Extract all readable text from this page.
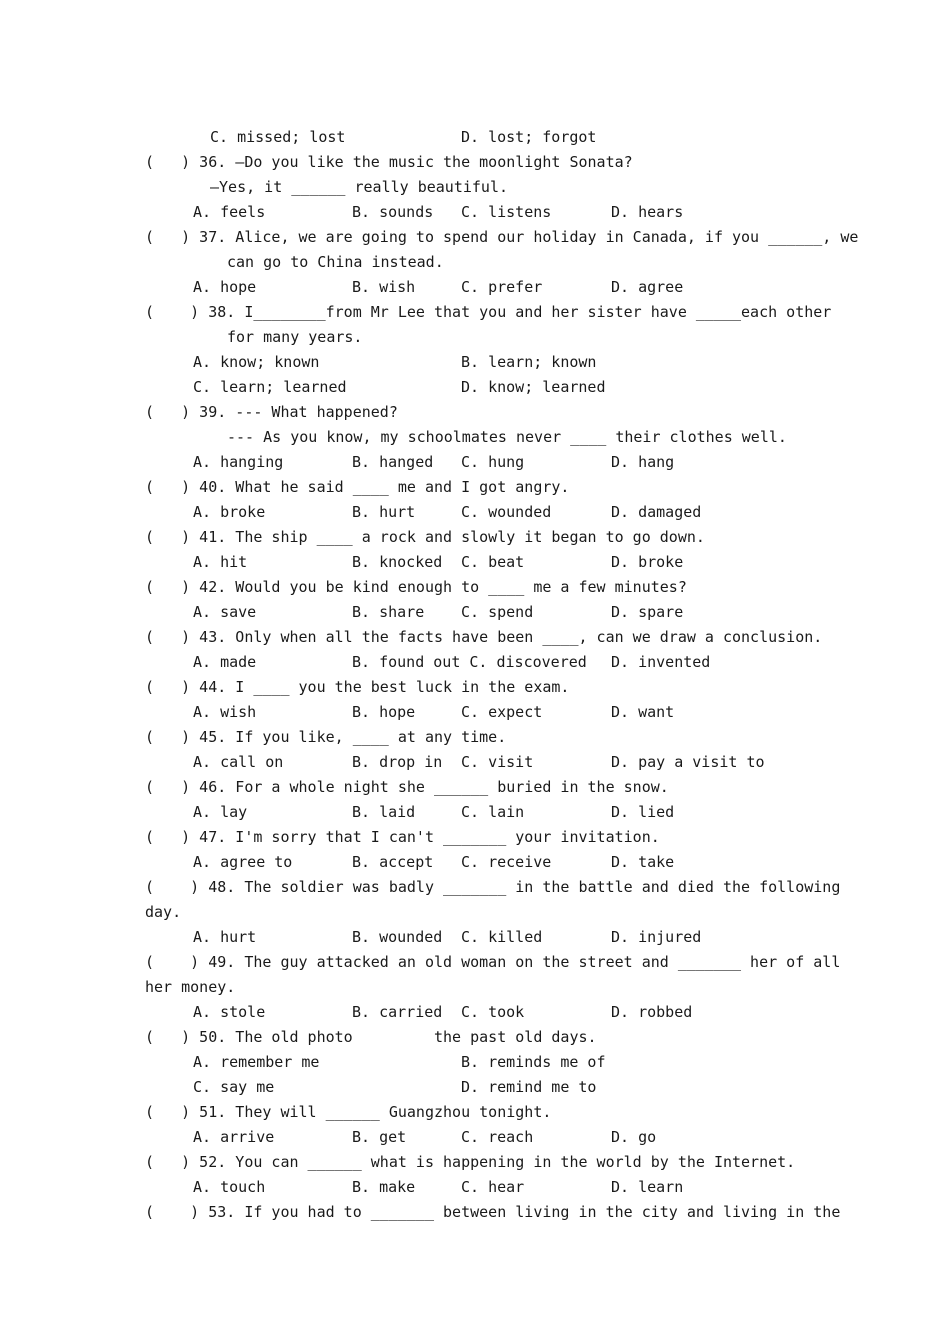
C. missed; lost	D. lost; forgot
(   ) 36. —Do you like the music the moonlight Sonata?
—Yes, it ______ really beautiful.
A. feels	B. sounds C. listens	D. hears
(   ) 37. Alice, we are going to spend our holiday in Canada, if you ______, we
can go to China instead.
A. hope	B. wish	C. prefer	D. agree
(    ) 38. I________from Mr Lee that you and her sister have _____each other
for many years.
A. know; known	B. learn; known
C. learn; learned	D. know; learned
(   ) 39. --- What happened?
--- As you know, my schoolmates never ____ their clothes well.
A. hanging	B. hanged C. hung	D. hang
(   ) 40. What he said ____ me and I got angry.
A. broke	B. hurt	C. wounded	D. damaged
(   ) 41. The ship ____ a rock and slowly it began to go down.
A. hit	B. knocked C. beat	D. broke
(   ) 42. Would you be kind enough to ____ me a few minutes?
A. save	B. share C. spend	D. spare
(   ) 43. Only when all the facts have been ____, can we draw a conclusion.
A. made	B. found out C. discovered D. invented
(   ) 44. I ____ you the best luck in the exam.
A. wish	B. hope	C. expect	D. want
(   ) 45. If you like, ____ at any time.
A. call on	B. drop in C. visit	D. pay a visit to
(   ) 46. For a whole night she ______ buried in the snow.
A. lay	B. laid	C. lain	D. lied
(   ) 47. I'm sorry that I can't _______ your invitation.
A. agree to	B. accept C. receive	D. take
(    ) 48. The soldier was badly _______ in the battle and died the following
day.
A. hurt	B. wounded C. killed	D. injured
(    ) 49. The guy attacked an old woman on the street and _______ her of all
her money.
A. stole	B. carried C. took	D. robbed
(   ) 50. The old photo         the past old days.
A. remember me	B. reminds me of
C. say me	D. remind me to
(   ) 51. They will ______ Guangzhou tonight.
A. arrive	B. get	C. reach	D. go
(   ) 52. You can ______ what is happening in the world by the Internet.
A. touch	B. make	C. hear	D. learn
(    ) 53. If you had to _______ between living in the city and living in the
